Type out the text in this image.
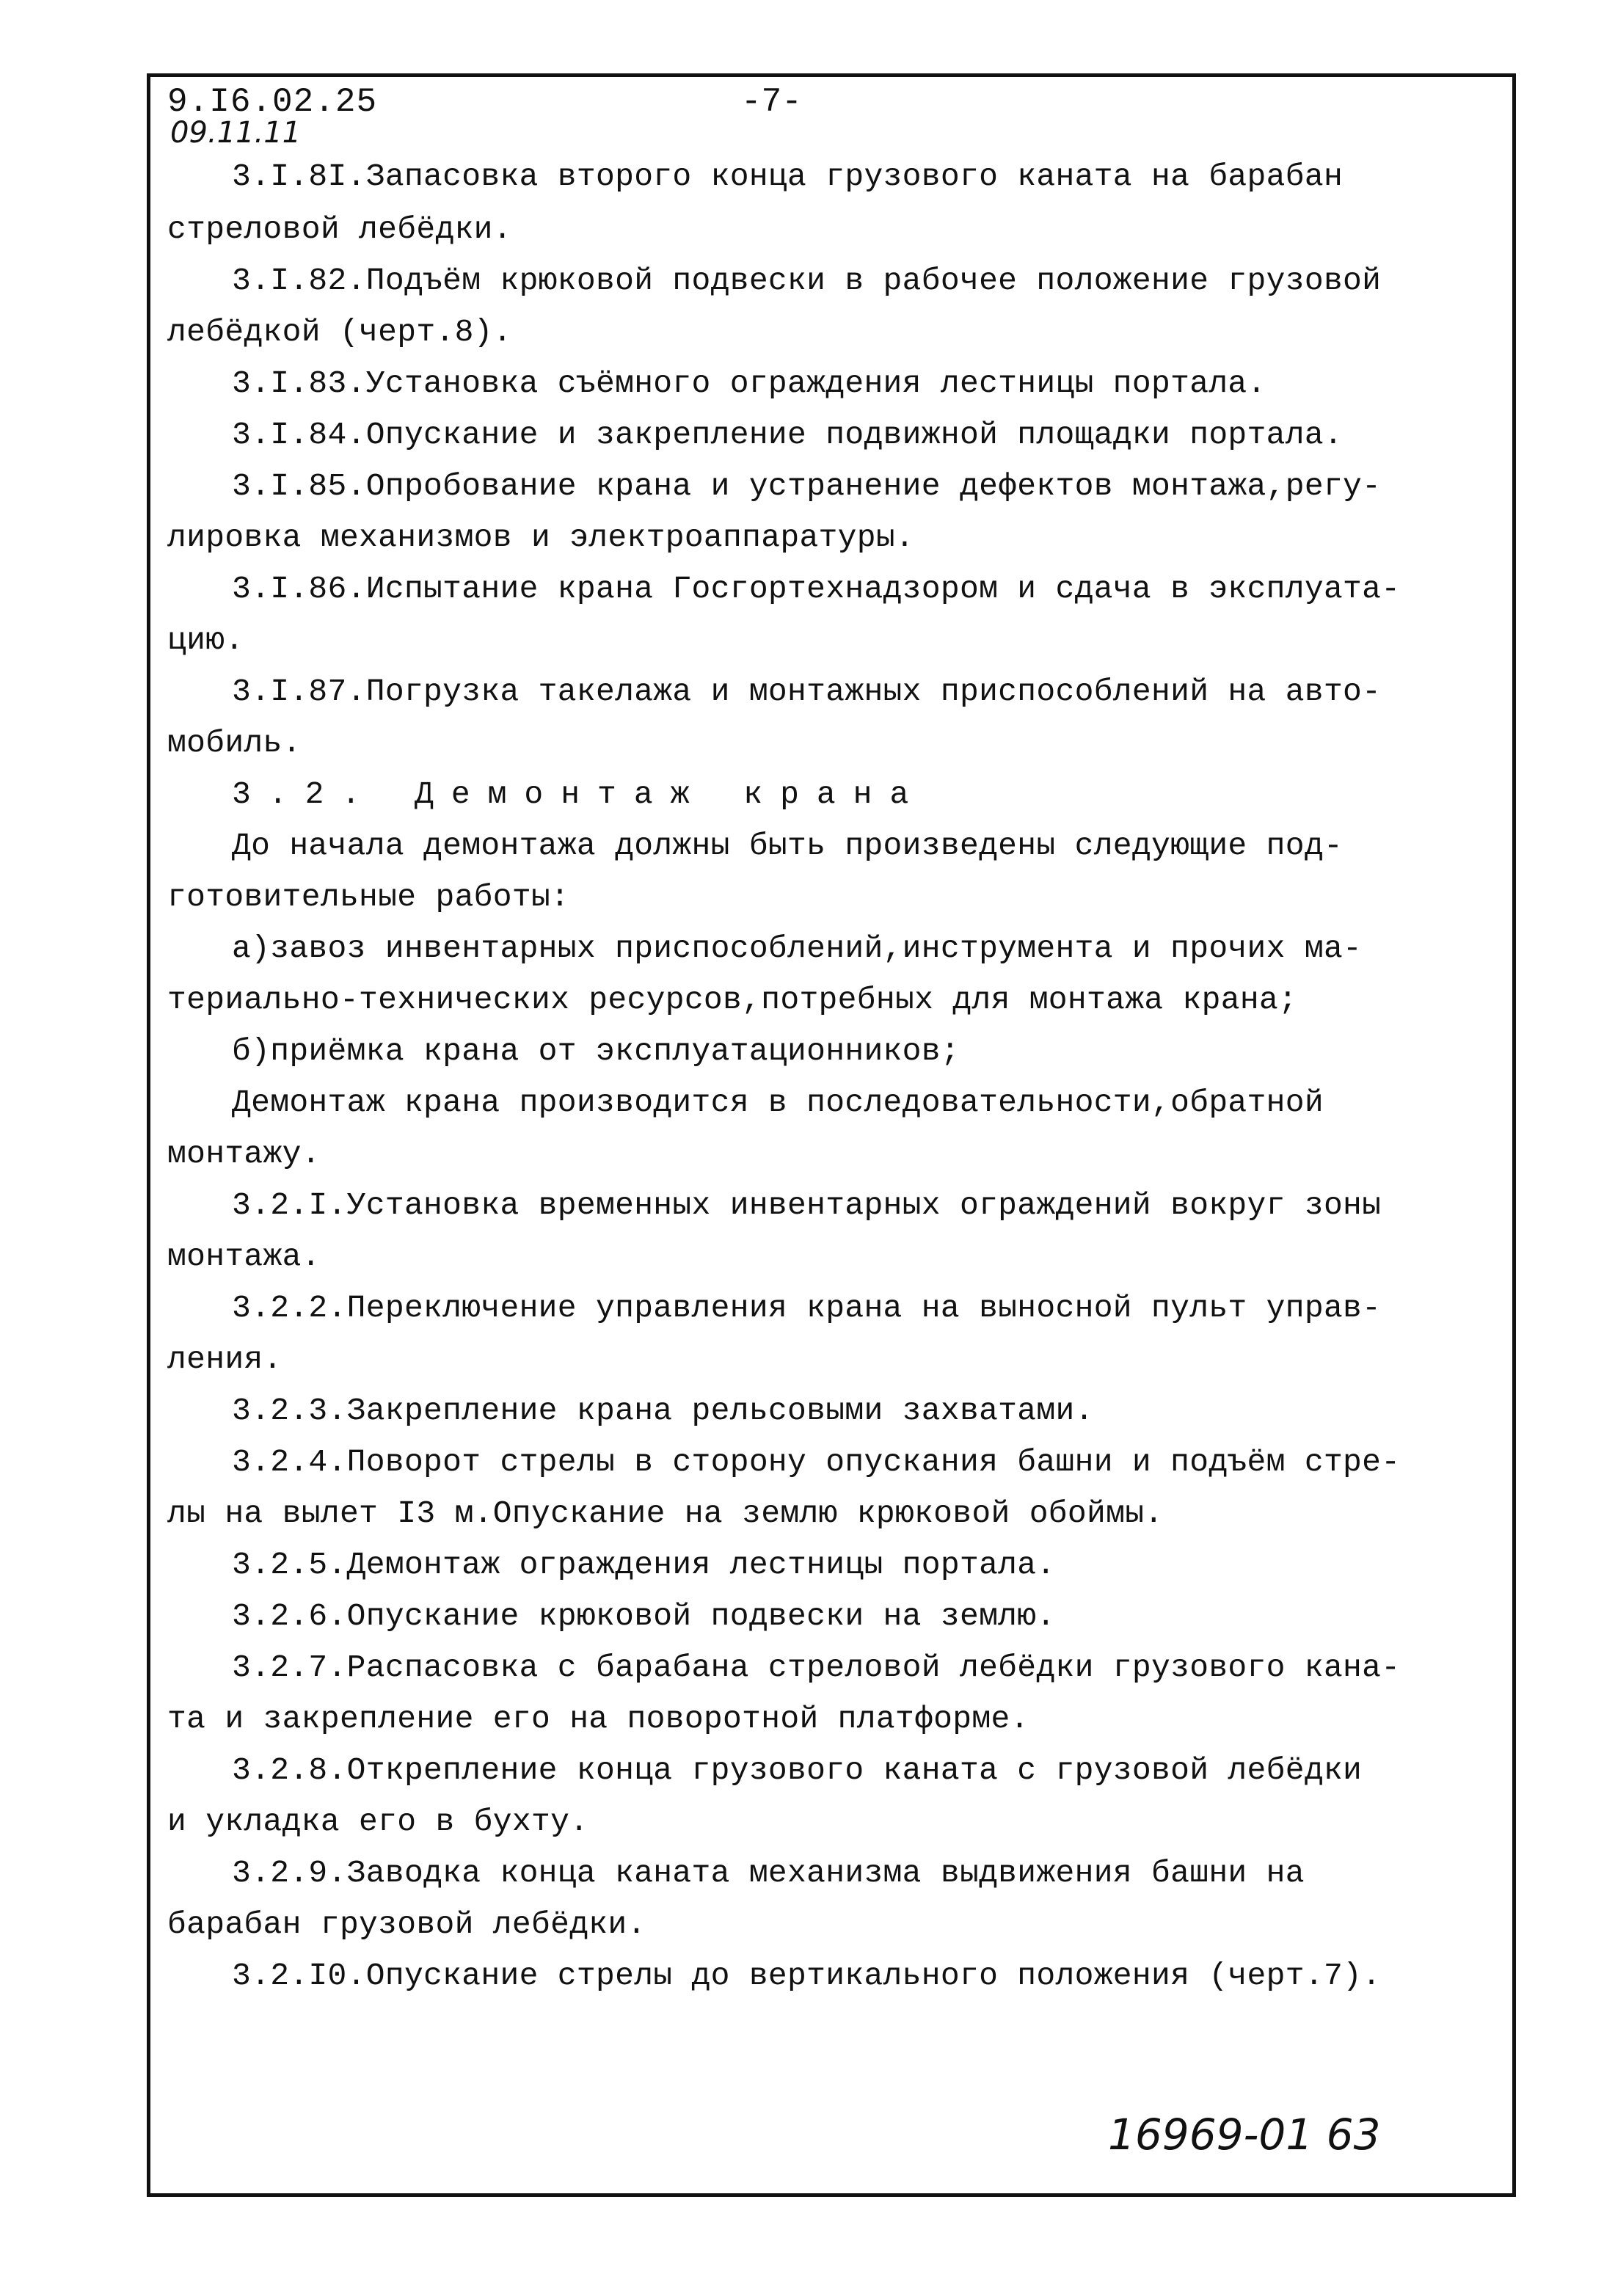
9.I6.02.25	-7-
09.11.11
3.I.8I.Запасовка второго конца грузового каната на барабан
стреловой лебёдки.
3.I.82.Подъём крюковой подвески в рабочее положение грузовой
лебёдкой (черт.8).
3.I.83.Установка съёмного ограждения лестницы портала.
3.I.84.Опускание и закрепление подвижной площадки портала.
3.I.85.Опробование крана и устранение дефектов монтажа,регу-
лировка механизмов и электроаппаратуры.
3.I.86.Испытание крана Госгортехнадзором и сдача в эксплуата-
цию.
3.I.87.Погрузка такелажа и монтажных приспособлений на авто-
мобиль.
3.2. Демонтаж крана
До начала демонтажа должны быть произведены следующие под-
готовительные работы:
а)завоз инвентарных приспособлений,инструмента и прочих ма-
териально-технических ресурсов,потребных для монтажа крана;
б)приёмка крана от эксплуатационников;
Демонтаж крана производится в последовательности,обратной
монтажу.
3.2.I.Установка временных инвентарных ограждений вокруг зоны
монтажа.
3.2.2.Переключение управления крана на выносной пульт управ-
ления.
3.2.3.Закрепление крана рельсовыми захватами.
3.2.4.Поворот стрелы в сторону опускания башни и подъём стре-
лы на вылет I3 м.Опускание на землю крюковой обоймы.
3.2.5.Демонтаж ограждения лестницы портала.
3.2.6.Опускание крюковой подвески на землю.
3.2.7.Распасовка с барабана стреловой лебёдки грузового кана-
та и закрепление его на поворотной платформе.
3.2.8.Открепление конца грузового каната с грузовой лебёдки
и укладка его в бухту.
3.2.9.Заводка конца каната механизма выдвижения башни на
барабан грузовой лебёдки.
3.2.I0.Опускание стрелы до вертикального положения (черт.7).
16969-01 63
